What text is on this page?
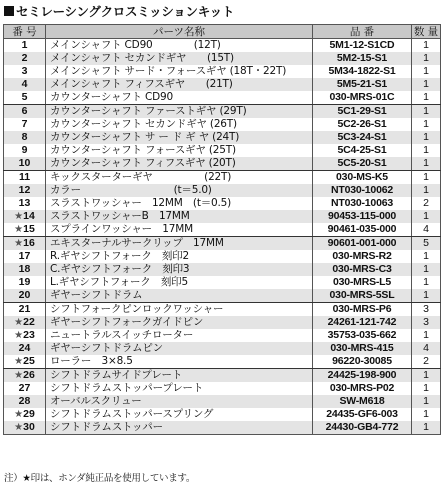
セミレーシングクロスミッションキット
番 号	パーツ名称	品 番	数 量
1	メインシャフト CD90　　　　(12T)	5M1-12-S1CD	1
2	メインシャフト セカンドギヤ　　(15T)	5M2-15-S1	1
3	メインシャフト サード・フォースギヤ (18T・22T)	5M34-1822-S1	1
4	メインシャフト フィフスギヤ　　(21T)	5M5-21-S1	1
5	カウンターシャフト CD90	030-MRS-01C	1
6	カウンターシャフト ファーストギヤ (29T)	5C1-29-S1	1
7	カウンターシャフト セカンドギヤ (26T)	5C2-26-S1	1
8	カウンターシャフト サ ー ド ギ ヤ (24T)	5C3-24-S1	1
9	カウンターシャフト フォースギヤ (25T)	5C4-25-S1	1
10	カウンターシャフト フィフスギヤ (20T)	5C5-20-S1	1
11	キックスターターギヤ　　　　　(22T)	030-MS-K5	1
12	カラー　　　　　　　　　(t＝5.0)	NT030-10062	1
13	スラストワッシャー　12MM　(t＝0.5)	NT030-10063	2
★14	スラストワッシャーB　17MM	90453-115-000	1
★15	スプラインワッシャー　17MM	90461-035-000	4
★16	エキスターナルサークリップ　17MM	90601-001-000	5
17	R.ギヤシフトフォーク　刻印2	030-MRS-R2	1
18	C.ギヤシフトフォーク　刻印3	030-MRS-C3	1
19	L.ギヤシフトフォーク　刻印5	030-MRS-L5	1
20	ギヤーシフトドラム	030-MRS-5SL	1
21	シフトフォークピンロックワッシャー	030-MRS-P6	3
★22	ギヤーシフトフォークガイドピン	24261-121-742	3
★23	ニュートラルスイッチローター	35753-035-662	1
24	ギヤーシフトドラムピン	030-MRS-415	4
★25	ローラー　3×8.5	96220-30085	2
★26	シフトドラムサイドプレート	24425-198-900	1
27	シフトドラムストッパープレート	030-MRS-P02	1
28	オーバルスクリュー	SW-M618	1
★29	シフトドラムストッパースプリング	24435-GF6-003	1
★30	シフトドラムストッパー	24430-GB4-772	1
注）★印は、ホンダ純正品を使用しています。
